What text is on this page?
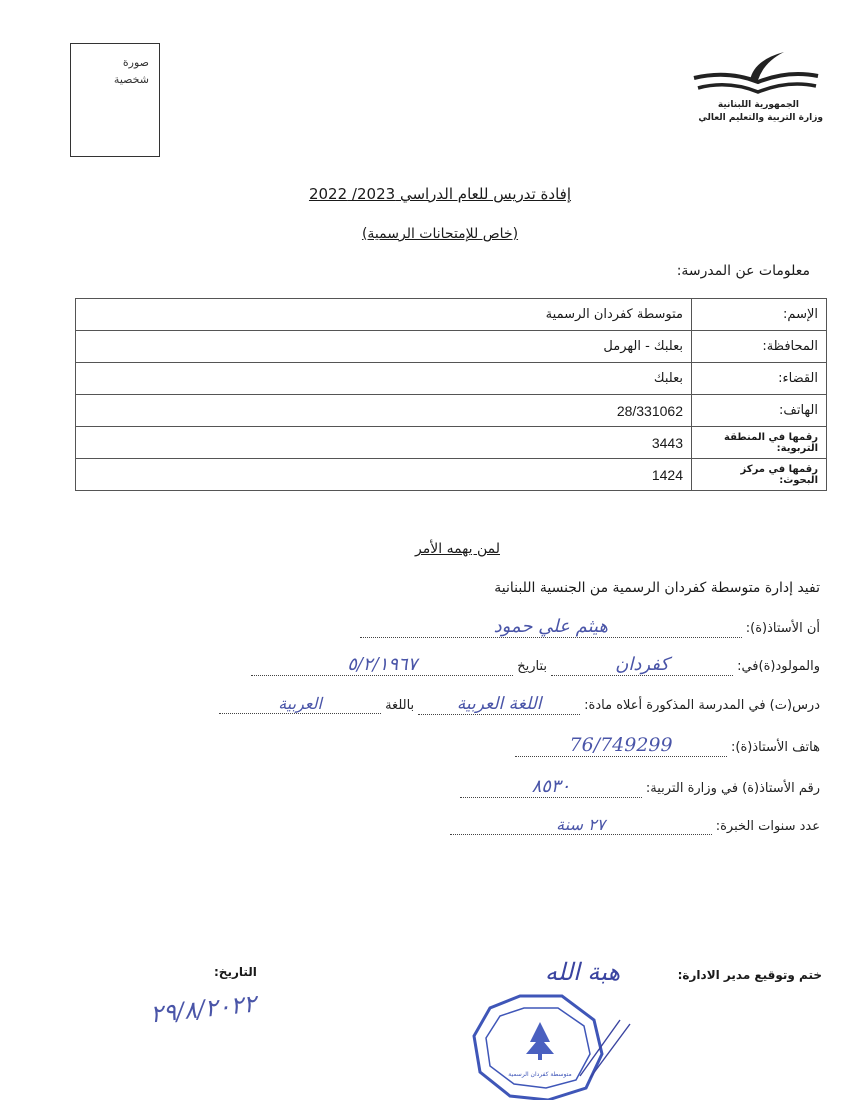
صورة
شخصية
الجمهورية اللبنانية
وزارة التربية والتعليم العالي
إفادة تدريس للعام الدراسي 2023/ 2022
(خاص للإمتحانات الرسمية)
معلومات عن المدرسة:
الإسم:	متوسطة كفردان الرسمية
المحافظة:	بعلبك - الهرمل
القضاء:	بعلبك
الهاتف:	28/331062
رقمها في المنطقة التربوية:	3443
رقمها في مركز البحوث:	1424
لمن يهمه الأمر
تفيد إدارة متوسطة كفردان الرسمية من الجنسية اللبنانية
أن الأستاذ(ة):
هيثم علي حمود
والمولود(ة)في:
كفردان
بتاريخ
٥/٢/١٩٦٧
درس(ت) في المدرسة المذكورة أعلاه مادة:
اللغة العربية
باللغة
العربية
هاتف الأستاذ(ة):
76/749299
رقم الأستاذ(ة) في وزارة التربية:
٨٥٣٠
عدد سنوات الخبرة:
٢٧ سنة
ختم وتوقيع مدير الادارة:
التاريخ:
٢٩/٨/٢٠٢٢
هبة الله
متوسطة كفردان الرسمية
